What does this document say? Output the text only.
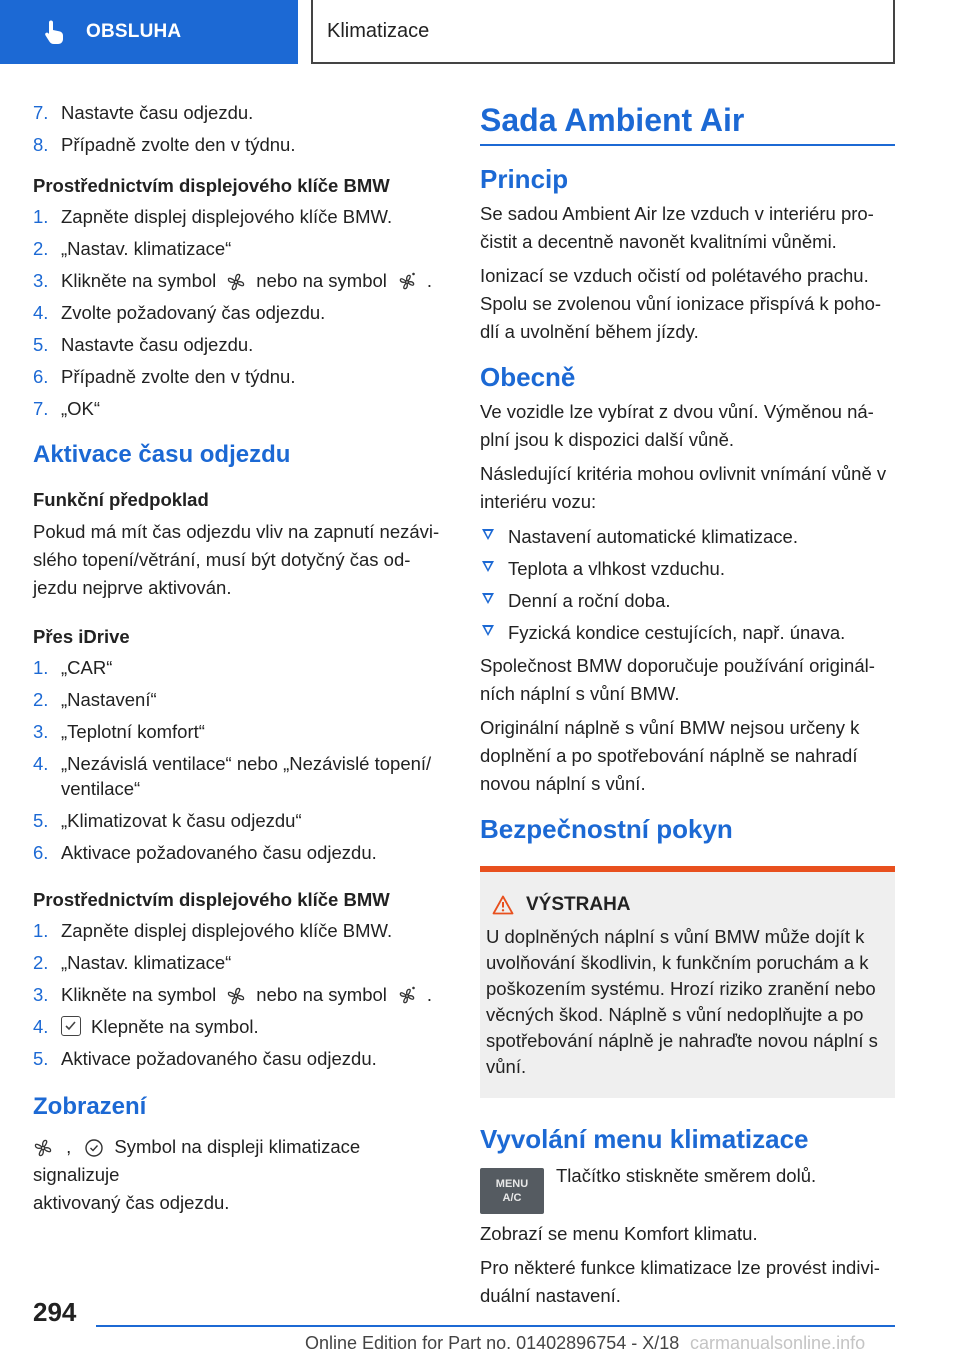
OBSLUHA	Klimatizace
7. Nastavte času odjezdu.
8. Případně zvolte den v týdnu.
Prostřednictvím displejového klíče BMW
1. Zapněte displej displejového klíče BMW.
2. „Nastav. klimatizace“
3. Klikněte na symbol nebo na symbol .
4. Zvolte požadovaný čas odjezdu.
5. Nastavte času odjezdu.
6. Případně zvolte den v týdnu.
7. „OK“
Aktivace času odjezdu
Funkční předpoklad
Pokud má mít čas odjezdu vliv na zapnutí nezávi-
slého topení/větrání, musí být dotyčný čas od-
jezdu nejprve aktivován.
Přes iDrive
1. „CAR“
2. „Nastavení“
3. „Teplotní komfort“
4. „Nezávislá ventilace“ nebo „Nezávislé topení/
ventilace“
5. „Klimatizovat k času odjezdu“
6. Aktivace požadovaného času odjezdu.
Prostřednictvím displejového klíče BMW
1. Zapněte displej displejového klíče BMW.
2. „Nastav. klimatizace“
3. Klikněte na symbol nebo na symbol .
4. Klepněte na symbol.
5. Aktivace požadovaného času odjezdu.
Zobrazení
, Symbol na displeji klimatizace signalizuje
aktivovaný čas odjezdu.
Sada Ambient Air
Princip
Se sadou Ambient Air lze vzduch v interiéru pro-
čistit a decentně navonět kvalitními vůněmi.
Ionizací se vzduch očistí od polétavého prachu.
Spolu se zvolenou vůní ionizace přispívá k poho-
dlí a uvolnění během jízdy.
Obecně
Ve vozidle lze vybírat z dvou vůní. Výměnou ná-
plní jsou k dispozici další vůně.
Následující kritéria mohou ovlivnit vnímání vůně v
interiéru vozu:
Nastavení automatické klimatizace.
Teplota a vlhkost vzduchu.
Denní a roční doba.
Fyzická kondice cestujících, např. únava.
Společnost BMW doporučuje používání originál-
ních náplní s vůní BMW.
Originální náplně s vůní BMW nejsou určeny k
doplnění a po spotřebování náplně se nahradí
novou náplní s vůní.
Bezpečnostní pokyn
VÝSTRAHA
U doplněných náplní s vůní BMW může dojít k
uvolňování škodlivin, k funkčním poruchám a k
poškozením systému. Hrozí riziko zranění nebo
věcných škod. Náplně s vůní nedoplňujte a po
spotřebování náplně je nahraďte novou náplní s
vůní.
Vyvolání menu klimatizace
MENU
A/C
Tlačítko stiskněte směrem dolů.
Zobrazí se menu Komfort klimatu.
Pro některé funkce klimatizace lze provést indivi-
duální nastavení.
294
Online Edition for Part no. 01402896754 - X/18 carmanualsonline.info
